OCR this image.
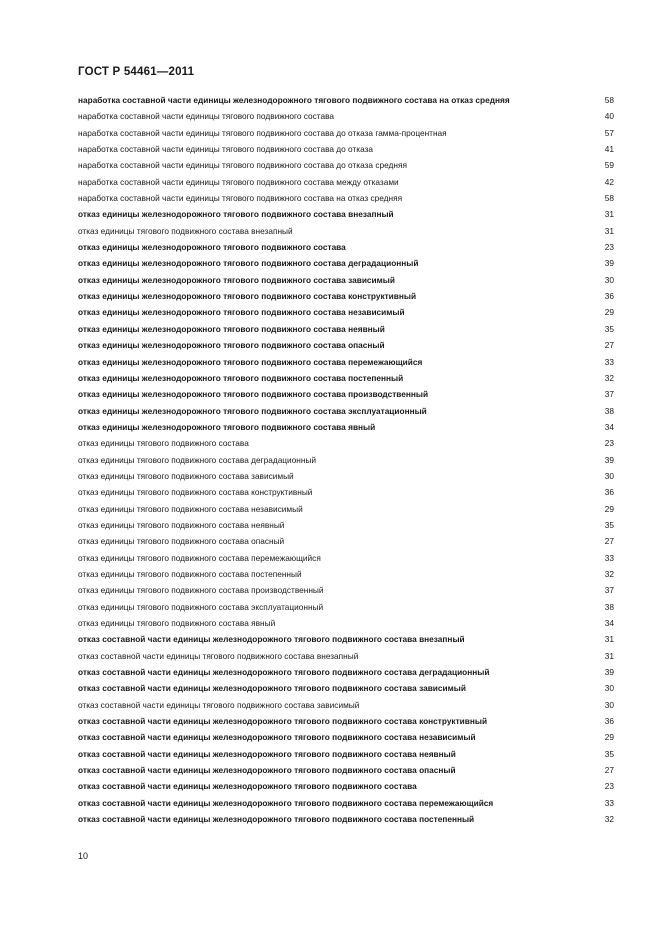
ГОСТ Р 54461—2011
наработка составной части единицы железнодорожного тягового подвижного состава на отказ средняя	58
наработка составной части единицы тягового подвижного состава	40
наработка составной части единицы тягового подвижного состава до отказа гамма-процентная	57
наработка составной части единицы тягового подвижного состава до отказа	41
наработка составной части единицы тягового подвижного состава до отказа средняя	59
наработка составной части единицы тягового подвижного состава между отказами	42
наработка составной части единицы тягового подвижного состава на отказ средняя	58
отказ единицы железнодорожного тягового подвижного состава внезапный	31
отказ единицы тягового подвижного состава внезапный	31
отказ единицы железнодорожного тягового подвижного состава	23
отказ единицы железнодорожного тягового подвижного состава деградационный	39
отказ единицы железнодорожного тягового подвижного состава зависимый	30
отказ единицы железнодорожного тягового подвижного состава конструктивный	36
отказ единицы железнодорожного тягового подвижного состава независимый	29
отказ единицы железнодорожного тягового подвижного состава неявный	35
отказ единицы железнодорожного тягового подвижного состава опасный	27
отказ единицы железнодорожного тягового подвижного состава перемежающийся	33
отказ единицы железнодорожного тягового подвижного состава постепенный	32
отказ единицы железнодорожного тягового подвижного состава производственный	37
отказ единицы железнодорожного тягового подвижного состава эксплуатационный	38
отказ единицы железнодорожного тягового подвижного состава явный	34
отказ единицы тягового подвижного состава	23
отказ единицы тягового подвижного состава деградационный	39
отказ единицы тягового подвижного состава зависимый	30
отказ единицы тягового подвижного состава конструктивный	36
отказ единицы тягового подвижного состава независимый	29
отказ единицы тягового подвижного состава неявный	35
отказ единицы тягового подвижного состава опасный	27
отказ единицы тягового подвижного состава перемежающийся	33
отказ единицы тягового подвижного состава постепенный	32
отказ единицы тягового подвижного состава производственный	37
отказ единицы тягового подвижного состава эксплуатационный	38
отказ единицы тягового подвижного состава явный	34
отказ составной части единицы железнодорожного тягового подвижного состава внезапный	31
отказ составной части единицы тягового подвижного состава внезапный	31
отказ составной части единицы железнодорожного тягового подвижного состава деградационный	39
отказ составной части единицы железнодорожного тягового подвижного состава зависимый	30
отказ составной части единицы тягового подвижного состава зависимый	30
отказ составной части единицы железнодорожного тягового подвижного состава конструктивный	36
отказ составной части единицы железнодорожного тягового подвижного состава независимый	29
отказ составной части единицы железнодорожного тягового подвижного состава неявный	35
отказ составной части единицы железнодорожного тягового подвижного состава опасный	27
отказ составной части единицы железнодорожного тягового подвижного состава	23
отказ составной части единицы железнодорожного тягового подвижного состава перемежающийся	33
отказ составной части единицы железнодорожного тягового подвижного состава постепенный	32
10
